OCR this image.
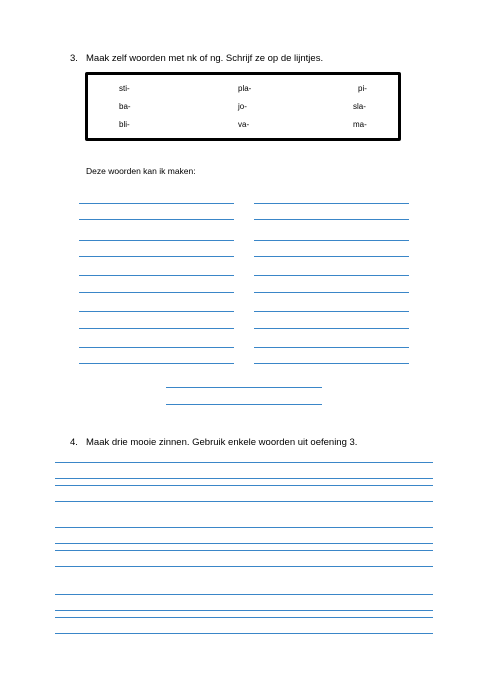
3. Maak zelf woorden met nk of ng. Schrijf ze op de lijntjes.
sti-	pla-	pi-
ba-	jo-	sla-
bli-	va-	ma-
Deze woorden kan ik maken:
4. Maak drie mooie zinnen. Gebruik enkele woorden uit oefening 3.
